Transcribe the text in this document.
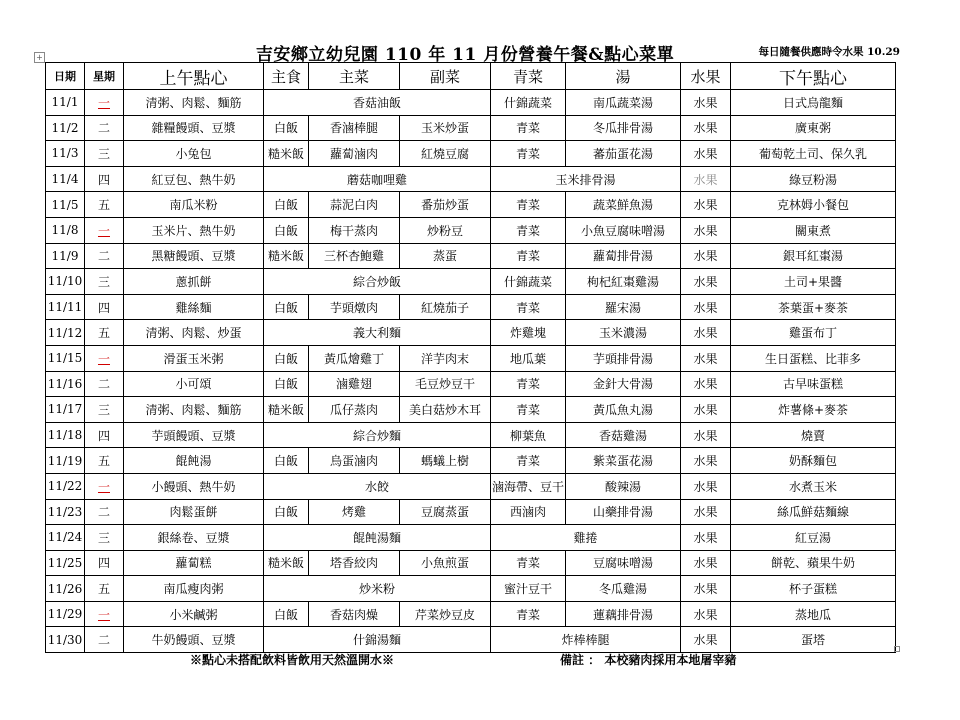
+	吉安鄉立幼兒園 110 年 11 月份營養午餐&點心菜單	每日隨餐供應時令水果 10.29
日期	星期	上午點心	主食	主菜	副菜	青菜	湯	水果	下午點心
11/1	一	清粥、肉鬆、麵筋	香菇油飯			什錦蔬菜	南瓜蔬菜湯	水果	日式烏龍麵
11/2	二	雜糧饅頭、豆漿	白飯	香滷棒腿	玉米炒蛋	青菜	冬瓜排骨湯	水果	廣東粥
11/3	三	小兔包	糙米飯	蘿蔔滷肉	紅燒豆腐	青菜	蕃茄蛋花湯	水果	葡萄乾土司、保久乳
11/4	四	紅豆包、熱牛奶	蘑菇咖哩雞			玉米排骨湯		水果	綠豆粉湯
11/5	五	南瓜米粉	白飯	蒜泥白肉	番茄炒蛋	青菜	蔬菜鮮魚湯	水果	克林姆小餐包
11/8	一	玉米片、熱牛奶	白飯	梅干蒸肉	炒粉豆	青菜	小魚豆腐味噌湯	水果	關東煮
11/9	二	黑糖饅頭、豆漿	糙米飯	三杯杏鮑雞	蒸蛋	青菜	蘿蔔排骨湯	水果	銀耳紅棗湯
11/10	三	蔥抓餅	綜合炒飯			什錦蔬菜	枸杞紅棗雞湯	水果	土司+果醬
11/11	四	雞絲麵	白飯	芋頭燉肉	紅燒茄子	青菜	羅宋湯	水果	茶葉蛋+麥茶
11/12	五	清粥、肉鬆、炒蛋	義大利麵			炸雞塊	玉米濃湯	水果	雞蛋布丁
11/15	一	滑蛋玉米粥	白飯	黃瓜燴雞丁	洋芋肉末	地瓜葉	芋頭排骨湯	水果	生日蛋糕、比菲多
11/16	二	小可頌	白飯	滷雞翅	毛豆炒豆干	青菜	金針大骨湯	水果	古早味蛋糕
11/17	三	清粥、肉鬆、麵筋	糙米飯	瓜仔蒸肉	美白菇炒木耳	青菜	黃瓜魚丸湯	水果	炸薯條+麥茶
11/18	四	芋頭饅頭、豆漿	綜合炒麵			柳葉魚	香菇雞湯	水果	燒賣
11/19	五	餛飩湯	白飯	烏蛋滷肉	螞蟻上樹	青菜	紫菜蛋花湯	水果	奶酥麵包
11/22	一	小饅頭、熱牛奶	水餃			滷海帶、豆干	酸辣湯	水果	水煮玉米
11/23	二	肉鬆蛋餅	白飯	烤雞	豆腐蒸蛋	西滷肉	山藥排骨湯	水果	絲瓜鮮菇麵線
11/24	三	銀絲卷、豆漿	餛飩湯麵			雞捲		水果	紅豆湯
11/25	四	蘿蔔糕	糙米飯	塔香絞肉	小魚煎蛋	青菜	豆腐味噌湯	水果	餅乾、蘋果牛奶
11/26	五	南瓜瘦肉粥	炒米粉			蜜汁豆干	冬瓜雞湯	水果	杯子蛋糕
11/29	一	小米鹹粥	白飯	香菇肉燥	芹菜炒豆皮	青菜	蓮藕排骨湯	水果	蒸地瓜
11/30	二	牛奶饅頭、豆漿	什錦湯麵			炸棒棒腿		水果	蛋塔
※點心未搭配飲料皆飲用天然溫開水※	備註 ： 本校豬肉採用本地屠宰豬
